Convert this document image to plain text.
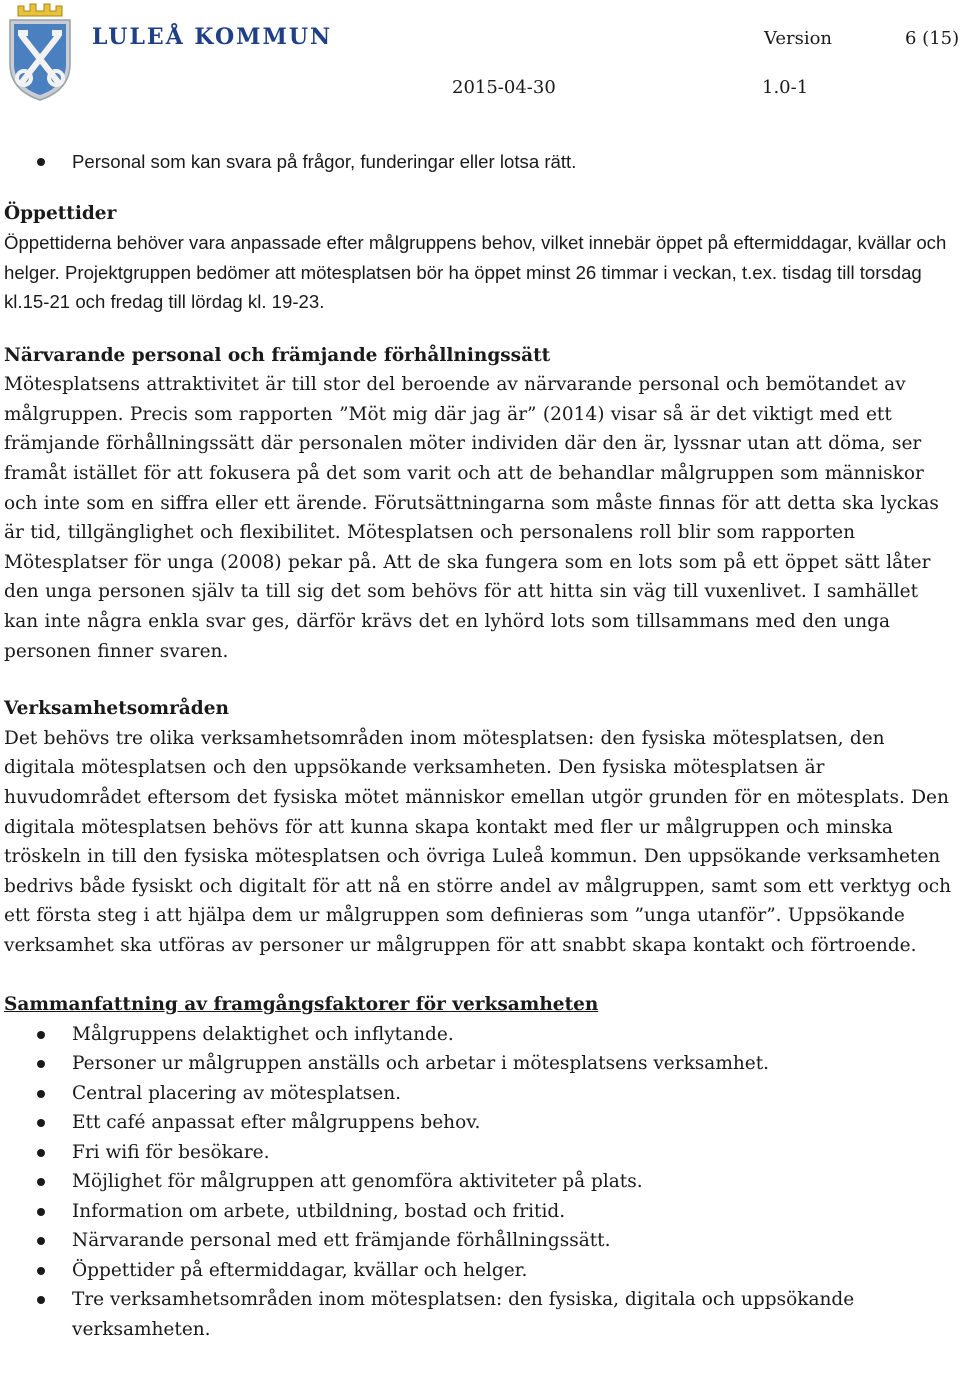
LULEÅ KOMMUN	Version	6 (15)
2015-04-30	1.0-1
Personal som kan svara på frågor, funderingar eller lotsa rätt.

Öppettider

Öppettiderna behöver vara anpassade efter målgruppens behov, vilket innebär öppet på eftermiddagar, kvällar och helger. Projektgruppen bedömer att mötesplatsen bör ha öppet minst 26 timmar i veckan, t.ex. tisdag till torsdag kl.15-21 och fredag till lördag kl. 19-23.

Närvarande personal och främjande förhållningssätt

Mötesplatsens attraktivitet är till stor del beroende av närvarande personal och bemötandet av målgruppen. Precis som rapporten ”Möt mig där jag är” (2014) visar så är det viktigt med ett främjande förhållningssätt där personalen möter individen där den är, lyssnar utan att döma, ser framåt istället för att fokusera på det som varit och att de behandlar målgruppen som människor och inte som en siffra eller ett ärende. Förutsättningarna som måste finnas för att detta ska lyckas är tid, tillgänglighet och flexibilitet. Mötesplatsen och personalens roll blir som rapporten Mötesplatser för unga (2008) pekar på. Att de ska fungera som en lots som på ett öppet sätt låter den unga personen själv ta till sig det som behövs för att hitta sin väg till vuxenlivet. I samhället kan inte några enkla svar ges, därför krävs det en lyhörd lots som tillsammans med den unga personen finner svaren.

Verksamhetsområden

Det behövs tre olika verksamhetsområden inom mötesplatsen: den fysiska mötesplatsen, den digitala mötesplatsen och den uppsökande verksamheten. Den fysiska mötesplatsen är huvudområdet eftersom det fysiska mötet människor emellan utgör grunden för en mötesplats. Den digitala mötesplatsen behövs för att kunna skapa kontakt med fler ur målgruppen och minska tröskeln in till den fysiska mötesplatsen och övriga Luleå kommun. Den uppsökande verksamheten bedrivs både fysiskt och digitalt för att nå en större andel av målgruppen, samt som ett verktyg och ett första steg i att hjälpa dem ur målgruppen som definieras som ”unga utanför”. Uppsökande verksamhet ska utföras av personer ur målgruppen för att snabbt skapa kontakt och förtroende.

Sammanfattning av framgångsfaktorer för verksamheten

Målgruppens delaktighet och inflytande.
Personer ur målgruppen anställs och arbetar i mötesplatsens verksamhet.
Central placering av mötesplatsen.
Ett café anpassat efter målgruppens behov.
Fri wifi för besökare.
Möjlighet för målgruppen att genomföra aktiviteter på plats.
Information om arbete, utbildning, bostad och fritid.
Närvarande personal med ett främjande förhållningssätt.
Öppettider på eftermiddagar, kvällar och helger.
Tre verksamhetsområden inom mötesplatsen: den fysiska, digitala och uppsökande verksamheten.
